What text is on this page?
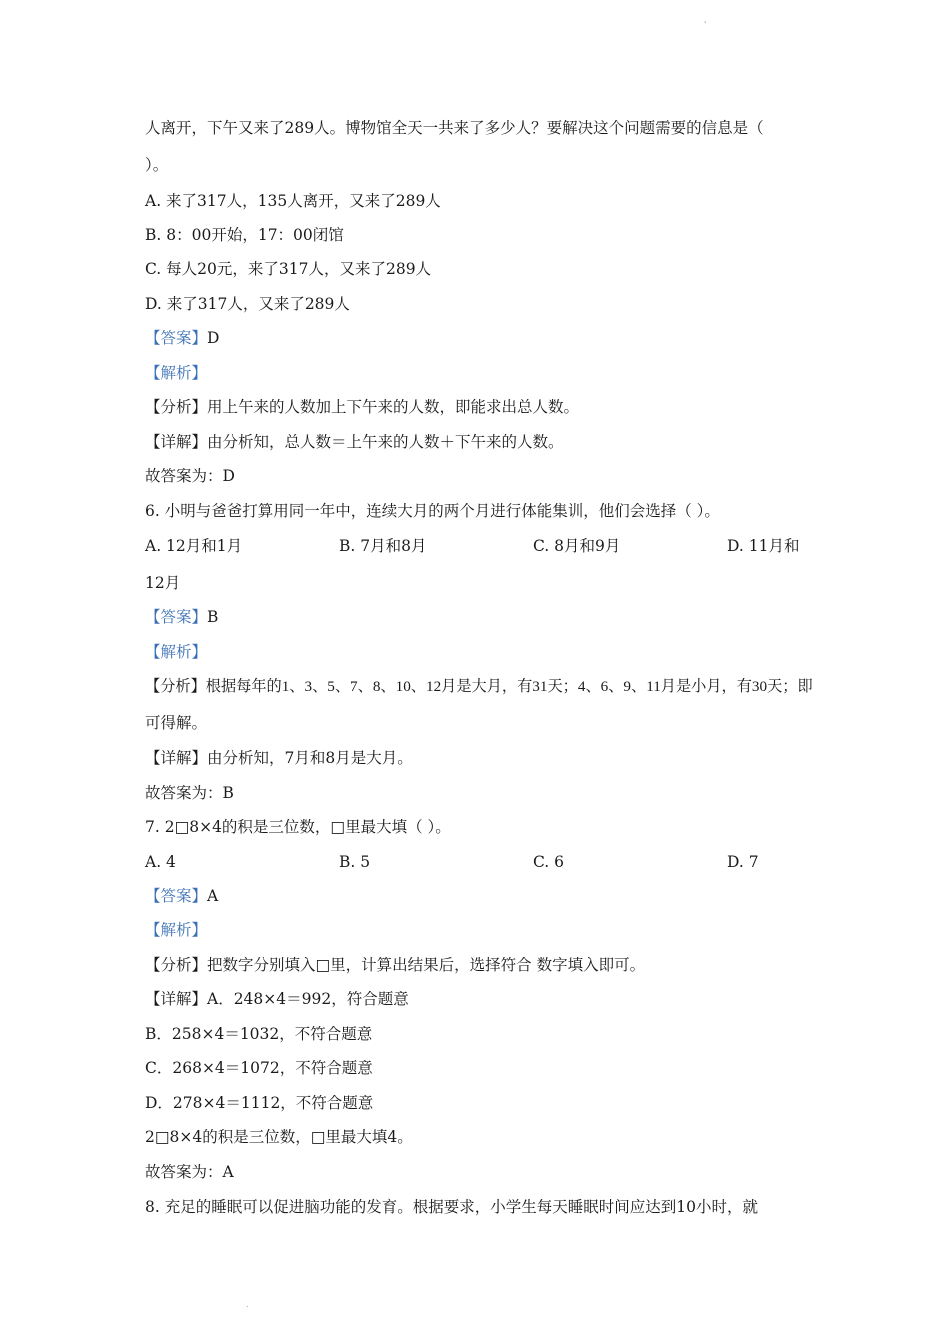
'
人离开，下午又来了289人。博物馆全天一共来了多少人？要解决这个问题需要的信息是（
）。
A. 来了317人，135人离开，又来了289人
B. 8：00开始，17：00闭馆
C. 每人20元，来了317人，又来了289人
D. 来了317人，又来了289人
【答案】D
【解析】
【分析】用上午来的人数加上下午来的人数，即能求出总人数。
【详解】由分析知，总人数＝上午来的人数＋下午来的人数。
故答案为：D
6. 小明与爸爸打算用同一年中，连续大月的两个月进行体能集训，他们会选择（ ）。
A. 12月和1月	B. 7月和8月	C. 8月和9月	D. 11月和
12月
【答案】B
【解析】
【分析】根据每年的1、3、5、7、8、10、12月是大月，有31天；4、6、9、11月是小月，有30天；即
可得解。
【详解】由分析知，7月和8月是大月。
故答案为：B
7. 2□8×4的积是三位数，□里最大填（ ）。
A. 4	B. 5	C. 6	D. 7
【答案】A
【解析】
【分析】把数字分别填入□里，计算出结果后，选择符合 数字填入即可。
【详解】A．248×4＝992，符合题意
B．258×4＝1032，不符合题意
C．268×4＝1072，不符合题意
D．278×4＝1112，不符合题意
2□8×4的积是三位数，□里最大填4。
故答案为：A
8. 充足的睡眠可以促进脑功能的发育。根据要求，小学生每天睡眠时间应达到10小时，就
.
